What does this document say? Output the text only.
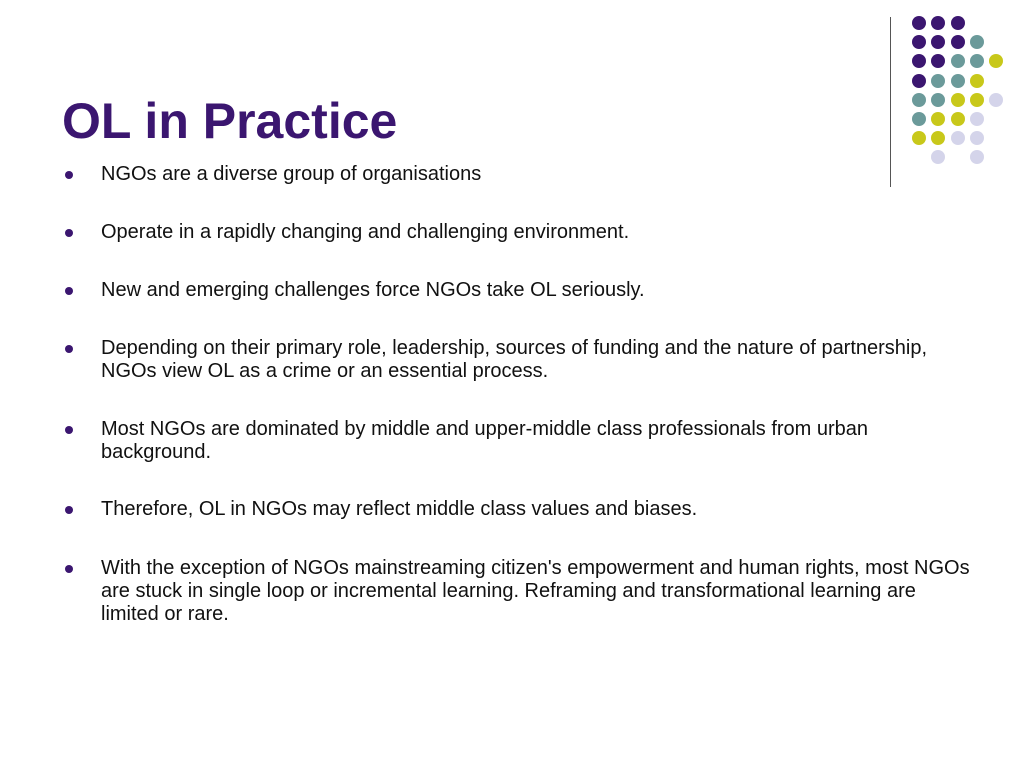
OL in Practice
NGOs are a diverse group of organisations
Operate in a rapidly changing and challenging environment.
New and emerging challenges force NGOs take OL seriously.
Depending on their primary role, leadership, sources of funding and the nature of partnership, NGOs view OL as a crime or an essential process.
Most NGOs are dominated by middle and upper-middle class professionals from urban background.
Therefore, OL in NGOs may reflect middle class values and biases.
With the exception of NGOs mainstreaming citizen's empowerment and human rights, most NGOs are stuck in single loop or incremental learning. Reframing and transformational learning are limited or rare.
